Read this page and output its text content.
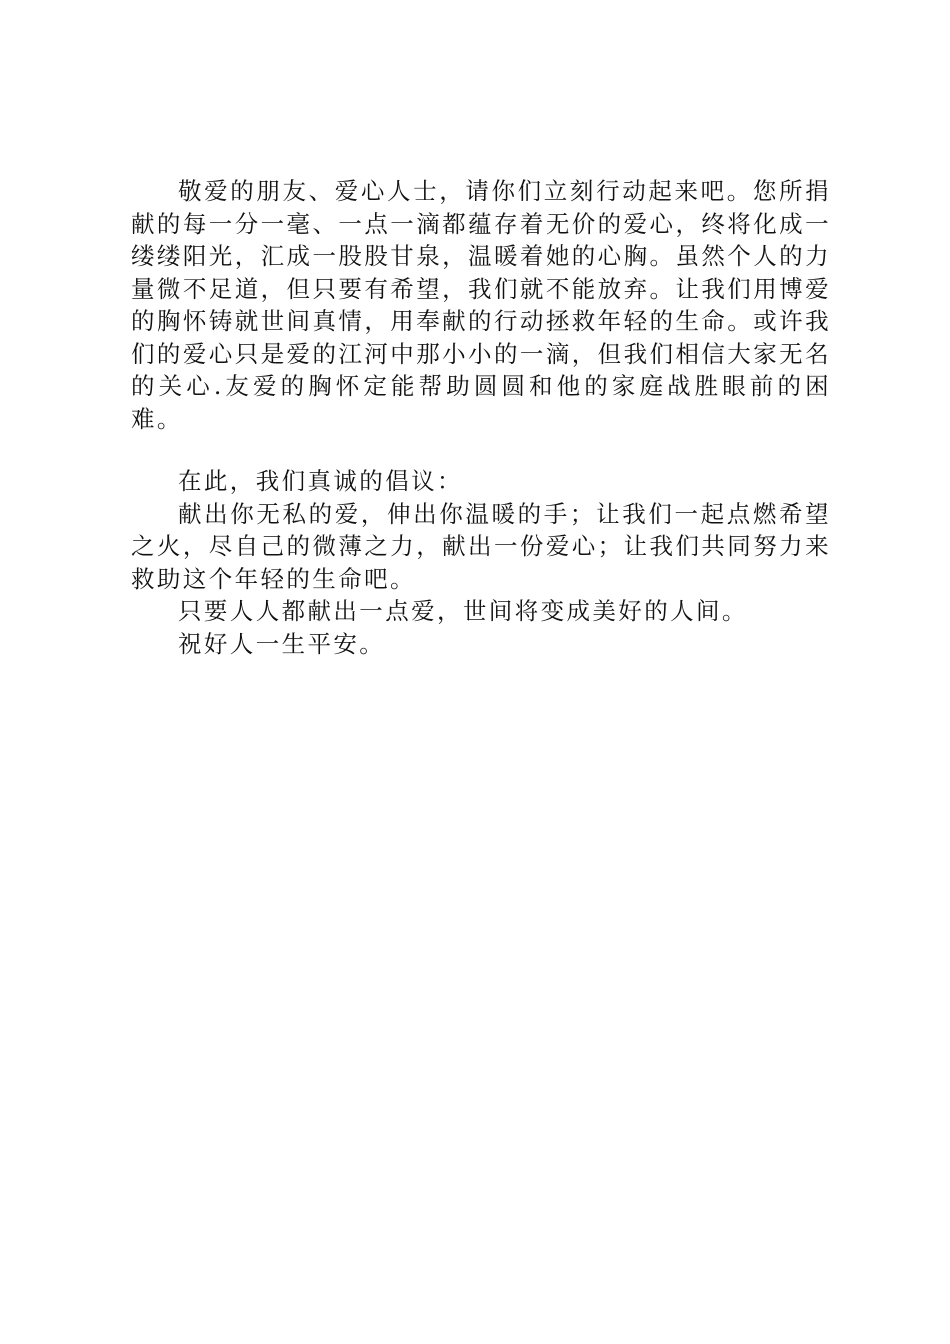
敬爱的朋友、爱心人士，请你们立刻行动起来吧。您所捐献的每一分一毫、一点一滴都蕴存着无价的爱心，终将化成一缕缕阳光，汇成一股股甘泉，温暖着她的心胸。虽然个人的力量微不足道，但只要有希望，我们就不能放弃。让我们用博爱的胸怀铸就世间真情，用奉献的行动拯救年轻的生命。或许我们的爱心只是爱的江河中那小小的一滴，但我们相信大家无名的关心.友爱的胸怀定能帮助圆圆和他的家庭战胜眼前的困难。

在此，我们真诚的倡议：

献出你无私的爱，伸出你温暖的手；让我们一起点燃希望之火，尽自己的微薄之力，献出一份爱心；让我们共同努力来救助这个年轻的生命吧。

只要人人都献出一点爱，世间将变成美好的人间。

祝好人一生平安。
